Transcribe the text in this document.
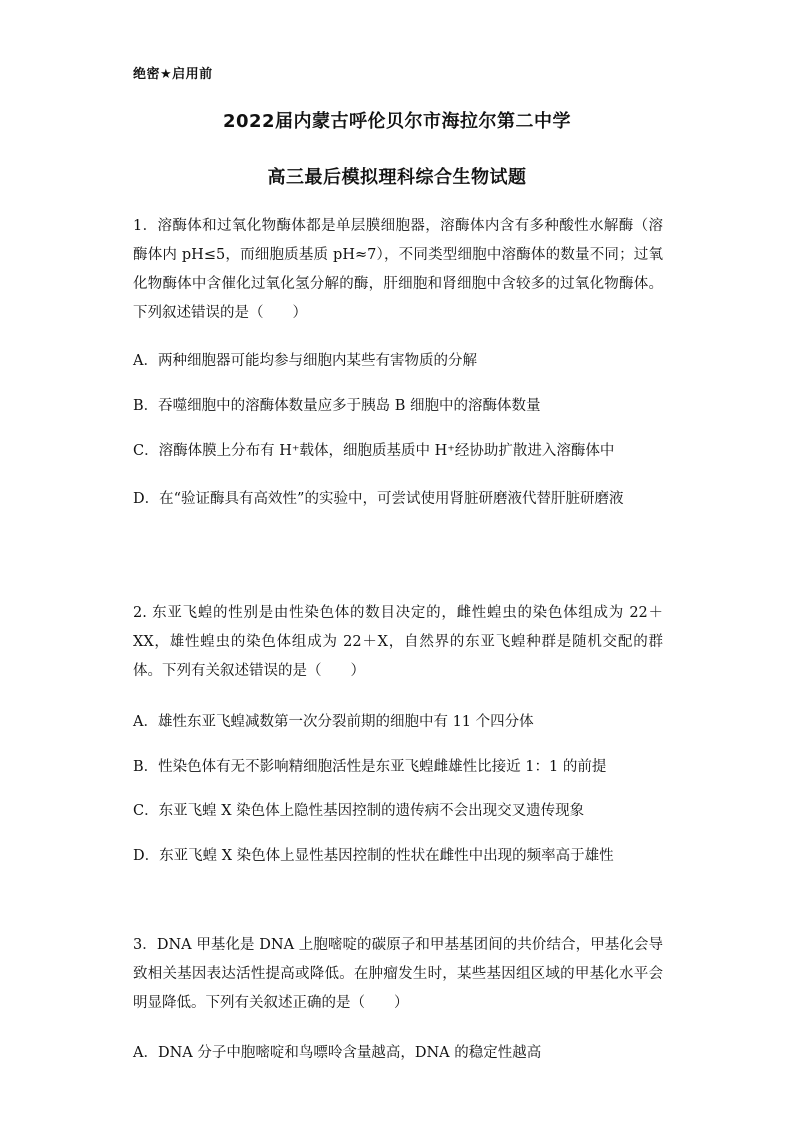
绝密★启用前
2022届内蒙古呼伦贝尔市海拉尔第二中学
高三最后模拟理科综合生物试题
1．溶酶体和过氧化物酶体都是单层膜细胞器，溶酶体内含有多种酸性水解酶（溶酶体内 pH≤5，而细胞质基质 pH≈7），不同类型细胞中溶酶体的数量不同；过氧化物酶体中含催化过氧化氢分解的酶，肝细胞和肾细胞中含较多的过氧化物酶体。下列叙述错误的是（　　）
A．两种细胞器可能均参与细胞内某些有害物质的分解
B．吞噬细胞中的溶酶体数量应多于胰岛 B 细胞中的溶酶体数量
C．溶酶体膜上分布有 H⁺载体，细胞质基质中 H⁺经协助扩散进入溶酶体中
D．在“验证酶具有高效性”的实验中，可尝试使用肾脏研磨液代替肝脏研磨液
2. 东亚飞蝗的性别是由性染色体的数目决定的，雌性蝗虫的染色体组成为 22＋XX，雄性蝗虫的染色体组成为 22＋X，自然界的东亚飞蝗种群是随机交配的群体。下列有关叙述错误的是（　　）
A．雄性东亚飞蝗减数第一次分裂前期的细胞中有 11 个四分体
B．性染色体有无不影响精细胞活性是东亚飞蝗雌雄性比接近 1：1 的前提
C．东亚飞蝗 X 染色体上隐性基因控制的遗传病不会出现交叉遗传现象
D．东亚飞蝗 X 染色体上显性基因控制的性状在雌性中出现的频率高于雄性
3．DNA 甲基化是 DNA 上胞嘧啶的碳原子和甲基基团间的共价结合，甲基化会导致相关基因表达活性提高或降低。在肿瘤发生时，某些基因组区域的甲基化水平会明显降低。下列有关叙述正确的是（　　）
A．DNA 分子中胞嘧啶和鸟嘌呤含量越高，DNA 的稳定性越高
